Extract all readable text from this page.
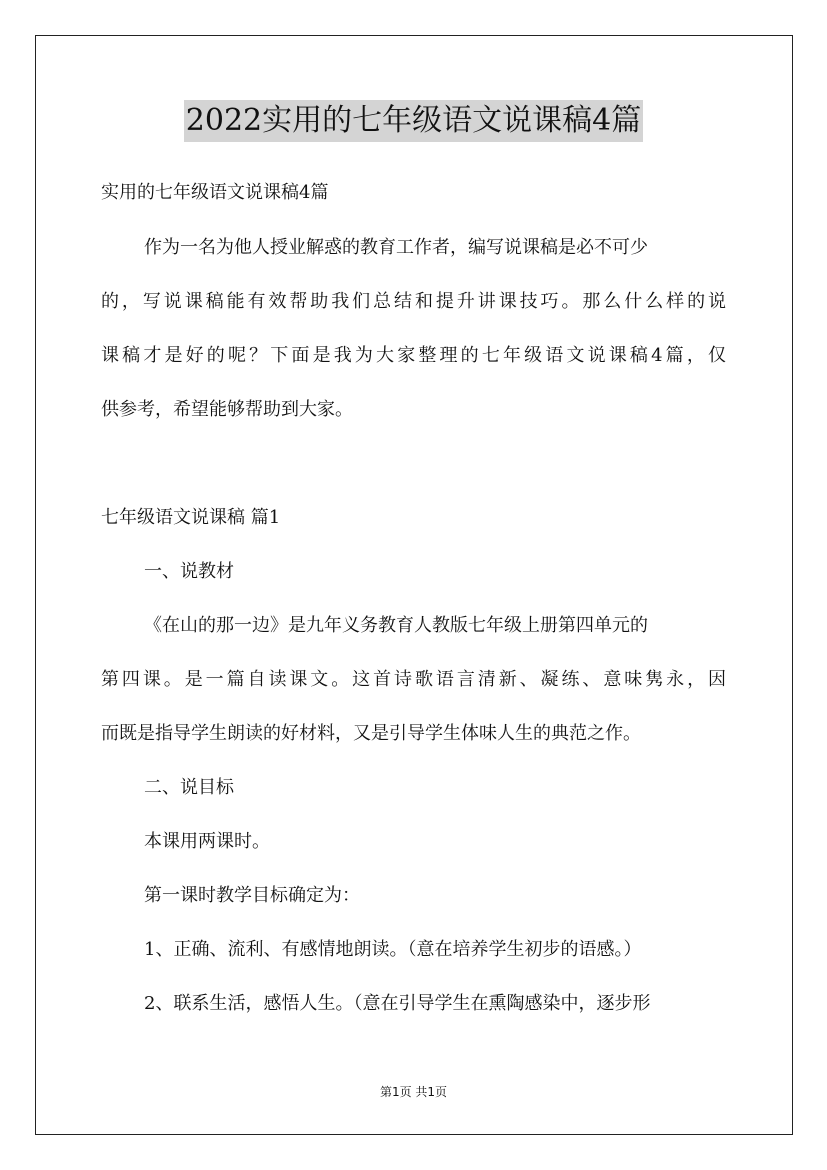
2022实用的七年级语文说课稿4篇
实用的七年级语文说课稿4篇
作为一名为他人授业解惑的教育工作者，编写说课稿是必不可少
的，写说课稿能有效帮助我们总结和提升讲课技巧。那么什么样的说
课稿才是好的呢？下面是我为大家整理的七年级语文说课稿4篇，仅
供参考，希望能够帮助到大家。
七年级语文说课稿 篇1
一、说教材
《在山的那一边》是九年义务教育人教版七年级上册第四单元的
第四课。是一篇自读课文。这首诗歌语言清新、凝练、意味隽永，因
而既是指导学生朗读的好材料，又是引导学生体味人生的典范之作。
二、说目标
本课用两课时。
第一课时教学目标确定为：
1、正确、流利、有感情地朗读。（意在培养学生初步的语感。）
2、联系生活，感悟人生。（意在引导学生在熏陶感染中，逐步形
第1页 共1页
